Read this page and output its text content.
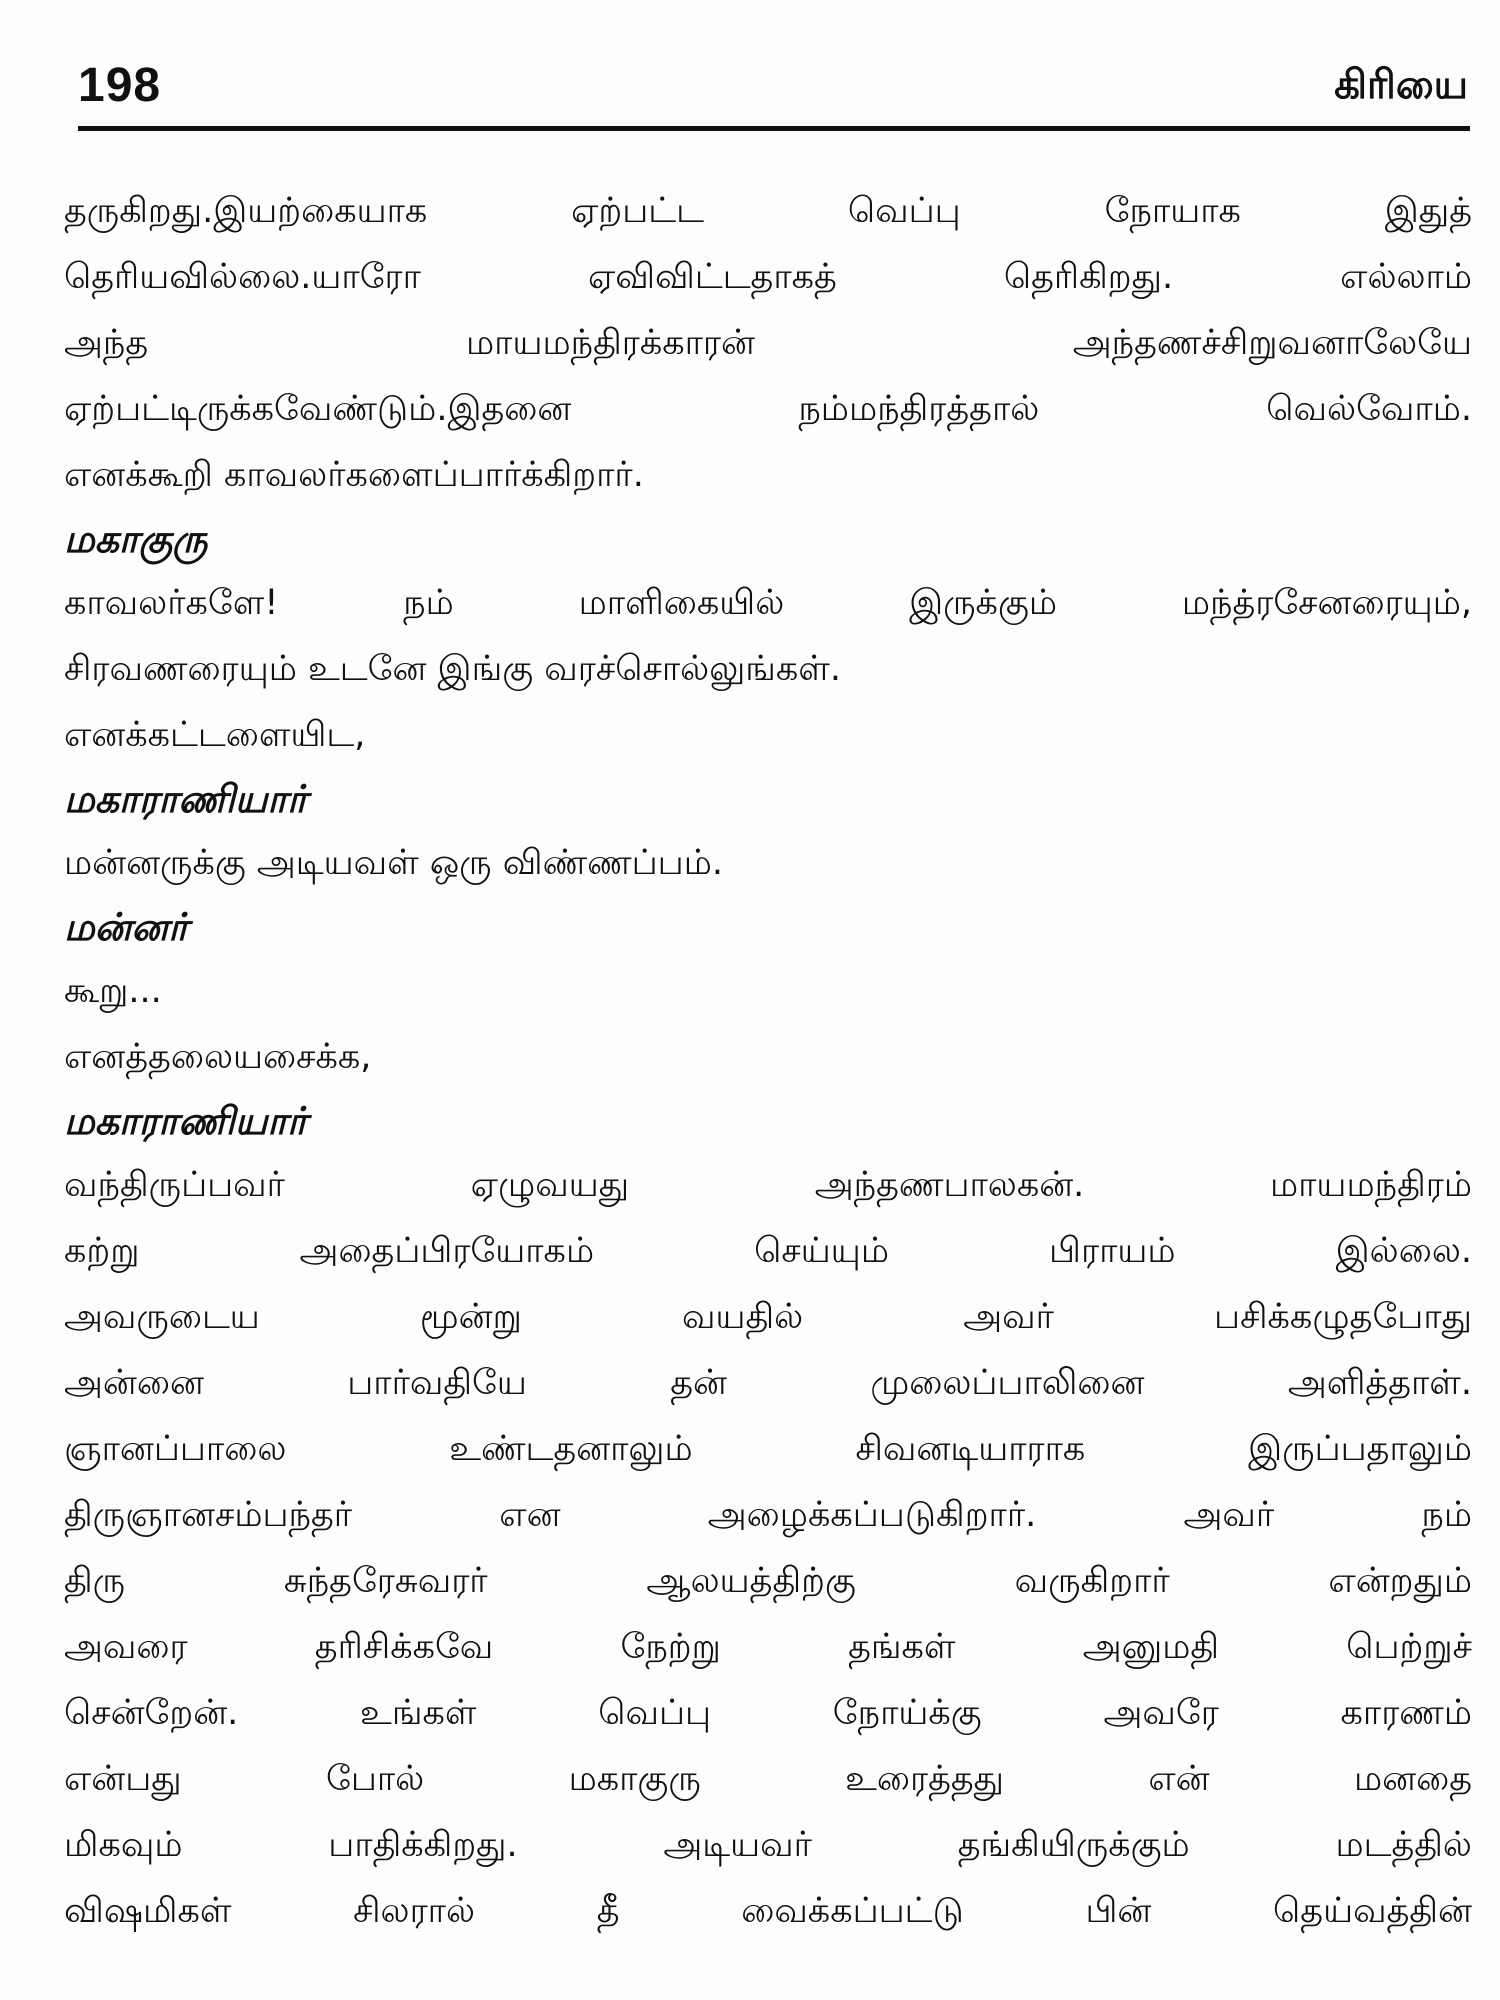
198	கிரியை
தருகிறது.இயற்கையாக ஏற்பட்ட வெப்பு நோயாக இதுத்
தெரியவில்லை.யாரோ ஏவிவிட்டதாகத் தெரிகிறது. எல்லாம்
அந்த மாயமந்திரக்காரன் அந்தணச்சிறுவனாலேயே
ஏற்பட்டிருக்கவேண்டும்.இதனை நம்மந்திரத்தால் வெல்வோம்.
எனக்கூறி காவலர்களைப்பார்க்கிறார்.
மகாகுரு
காவலர்களே! நம் மாளிகையில் இருக்கும் மந்த்ரசேனரையும்,
சிரவணரையும் உடனே இங்கு வரச்சொல்லுங்கள்.
எனக்கட்டளையிட,
மகாராணியார்
மன்னருக்கு அடியவள் ஒரு விண்ணப்பம்.
மன்னர்
கூறு...
எனத்தலையசைக்க,
மகாராணியார்
வந்திருப்பவர் ஏழுவயது அந்தணபாலகன். மாயமந்திரம்
கற்று அதைப்பிரயோகம் செய்யும் பிராயம் இல்லை.
அவருடைய மூன்று வயதில் அவர் பசிக்கழுதபோது
அன்னை பார்வதியே தன் முலைப்பாலினை அளித்தாள்.
ஞானப்பாலை உண்டதனாலும் சிவனடியாராக இருப்பதாலும்
திருஞானசம்பந்தர் என அழைக்கப்படுகிறார். அவர் நம்
திரு சுந்தரேசுவரர் ஆலயத்திற்கு வருகிறார் என்றதும்
அவரை தரிசிக்கவே நேற்று தங்கள் அனுமதி பெற்றுச்
சென்றேன். உங்கள் வெப்பு நோய்க்கு அவரே காரணம்
என்பது போல் மகாகுரு உரைத்தது என் மனதை
மிகவும் பாதிக்கிறது. அடியவர் தங்கியிருக்கும் மடத்தில்
விஷமிகள் சிலரால் தீ வைக்கப்பட்டு பின் தெய்வத்தின்
